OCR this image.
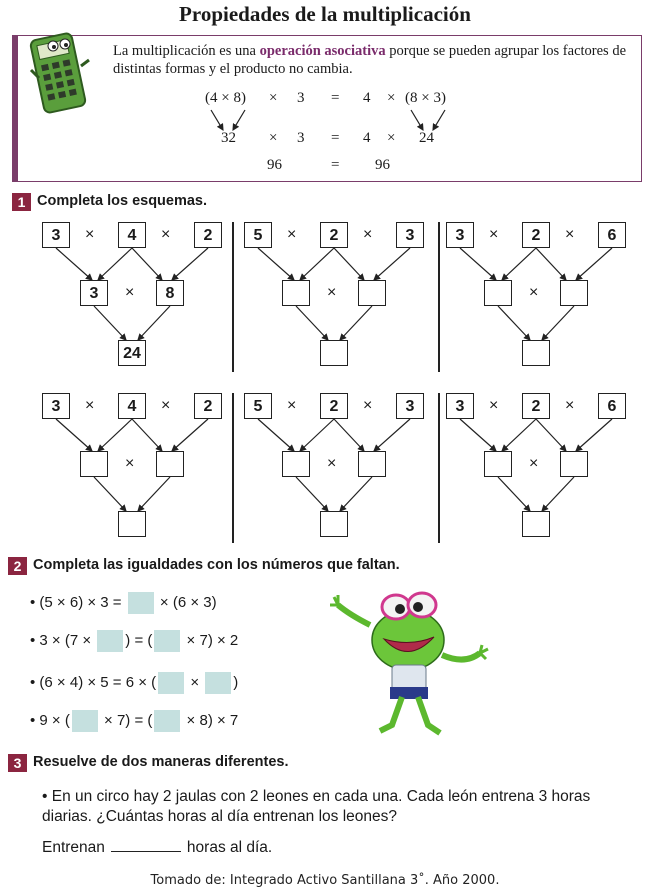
Propiedades de la multiplicación
La multiplicación es una operación asociativa porque se pueden agrupar los factores de distintas formas y el producto no cambia.
(4 × 8) × 3 = 4 × (8 × 3)
32 × 3 = 4 × 24
96	= 96
1 Completa los esquemas.
3	4	2
×	×
3	×	8
24
5	2	3
×	×
×
3	2	6
×	×
×
3	4	2
×	×
×
5	2	3
×	×
×
3	2	6
×	×
×
2 Completa las igualdades con los números que faltan.
• (5 × 6) × 3 =  × (6 × 3)
• 3 × (7 × ) = ( × 7) × 2
• (6 × 4) × 5 = 6 × ( × )
• 9 × ( × 7) = ( × 8) × 7
3 Resuelve de dos maneras diferentes.
• En un circo hay 2 jaulas con 2 leones en cada una. Cada león entrena 3 horas diarias. ¿Cuántas horas al día entrenan los leones?
Entrenan	horas al día.
Tomado de: Integrado Activo Santillana 3˚. Año 2000.
